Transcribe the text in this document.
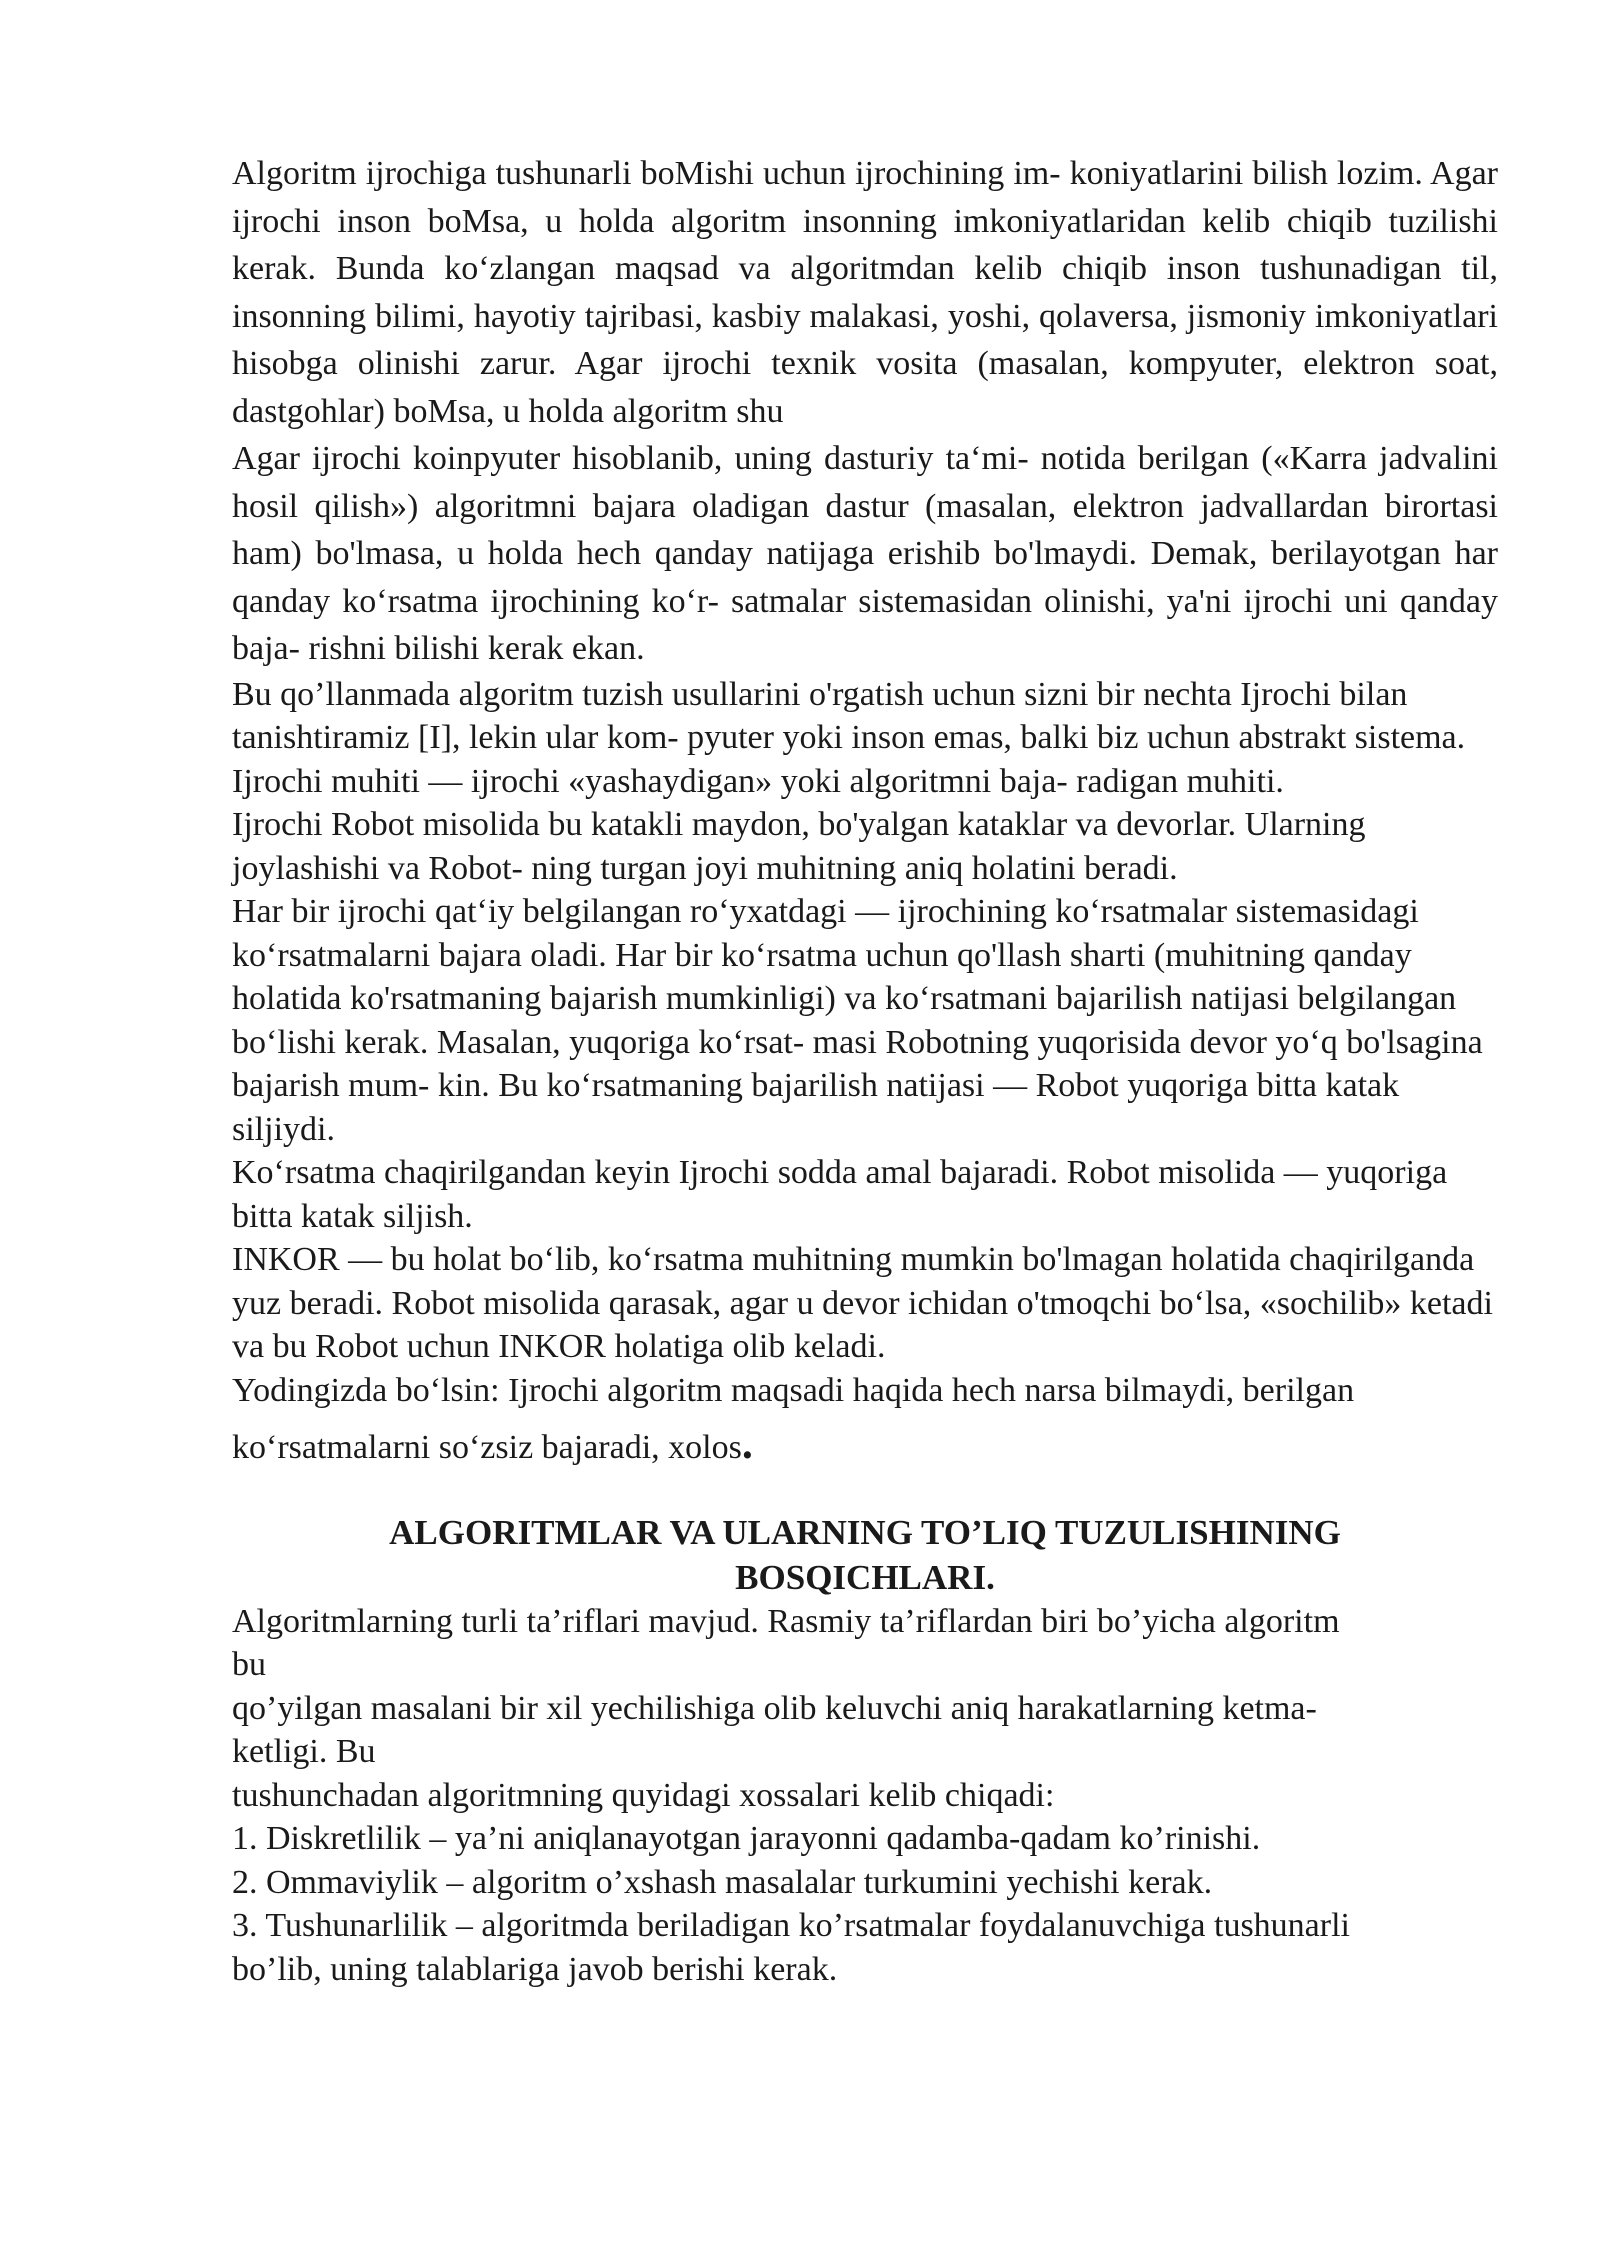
Algoritm ijrochiga tushunarli boMishi uchun ijrochining im- koniyatlarini bilish lozim. Agar ijrochi inson boMsa, u holda algoritm insonning imkoniyatlaridan kelib chiqib tuzilishi kerak. Bunda ko‘zlangan maqsad va algoritmdan kelib chiqib inson tushunadigan til, insonning bilimi, hayotiy tajribasi, kasbiy malakasi, yoshi, qolaversa, jismoniy imkoniyatlari hisobga olinishi zarur. Agar ijrochi texnik vosita (masalan, kompyuter, elektron soat, dastgohlar) boMsa, u holda algoritm shu

Agar ijrochi koinpyuter hisoblanib, uning dasturiy ta‘mi- notida berilgan («Karra jadvalini hosil qilish») algoritmni bajara oladigan dastur (masalan, elektron jadvallardan birortasi ham) bo'lmasa, u holda hech qanday natijaga erishib bo'lmaydi. Demak, berilayotgan har qanday ko‘rsatma ijrochining ko‘r- satmalar sistemasidan olinishi, ya'ni ijrochi uni qanday baja- rishni bilishi kerak ekan.

Bu qo’llanmada algoritm tuzish usullarini o'rgatish uchun sizni bir nechta Ijrochi bilan tanishtiramiz [I], lekin ular kom- pyuter yoki inson emas, balki biz uchun abstrakt sistema.

Ijrochi muhiti — ijrochi «yashaydigan» yoki algoritmni baja- radigan muhiti.

Ijrochi Robot misolida bu katakli maydon, bo'yalgan kataklar va devorlar. Ularning joylashishi va Robot- ning turgan joyi muhitning aniq holatini beradi.

Har bir ijrochi qat‘iy belgilangan ro‘yxatdagi — ijrochining ko‘rsatmalar sistemasidagi ko‘rsatmalarni bajara oladi. Har bir ko‘rsatma uchun qo'llash sharti (muhitning qanday holatida ko'rsatmaning bajarish mumkinligi) va ko‘rsatmani bajarilish natijasi belgilangan bo‘lishi kerak. Masalan, yuqoriga ko‘rsat- masi Robotning yuqorisida devor yo‘q bo'lsagina bajarish mum- kin. Bu ko‘rsatmaning bajarilish natijasi — Robot yuqoriga bitta katak siljiydi.

Ko‘rsatma chaqirilgandan keyin Ijrochi sodda amal bajaradi. Robot misolida — yuqoriga bitta katak siljish.

INKOR — bu holat bo‘lib, ko‘rsatma muhitning mumkin bo'lmagan holatida chaqirilganda yuz beradi. Robot misolida qarasak, agar u devor ichidan o'tmoqchi bo‘lsa, «sochilib» ketadi va bu Robot uchun INKOR holatiga olib keladi.

Yodingizda bo‘lsin: Ijrochi algoritm maqsadi haqida hech narsa bilmaydi, berilgan

ko‘rsatmalarni so‘zsiz bajaradi, xolos.

ALGORITMLAR VA ULARNING TO’LIQ TUZULISHINING
BOSQICHLARI.
Algoritmlarning turli ta’riflari mavjud. Rasmiy ta’riflardan biri bo’yicha algoritm
bu
qo’yilgan masalani bir xil yechilishiga olib keluvchi aniq harakatlarning ketma-
ketligi. Bu
tushunchadan algoritmning quyidagi xossalari kelib chiqadi:
1. Diskretlilik – ya’ni aniqlanayotgan jarayonni qadamba-qadam ko’rinishi.
2. Ommaviylik – algoritm o’xshash masalalar turkumini yechishi kerak.
3. Tushunarlilik – algoritmda beriladigan ko’rsatmalar foydalanuvchiga tushunarli
bo’lib, uning talablariga javob berishi kerak.
